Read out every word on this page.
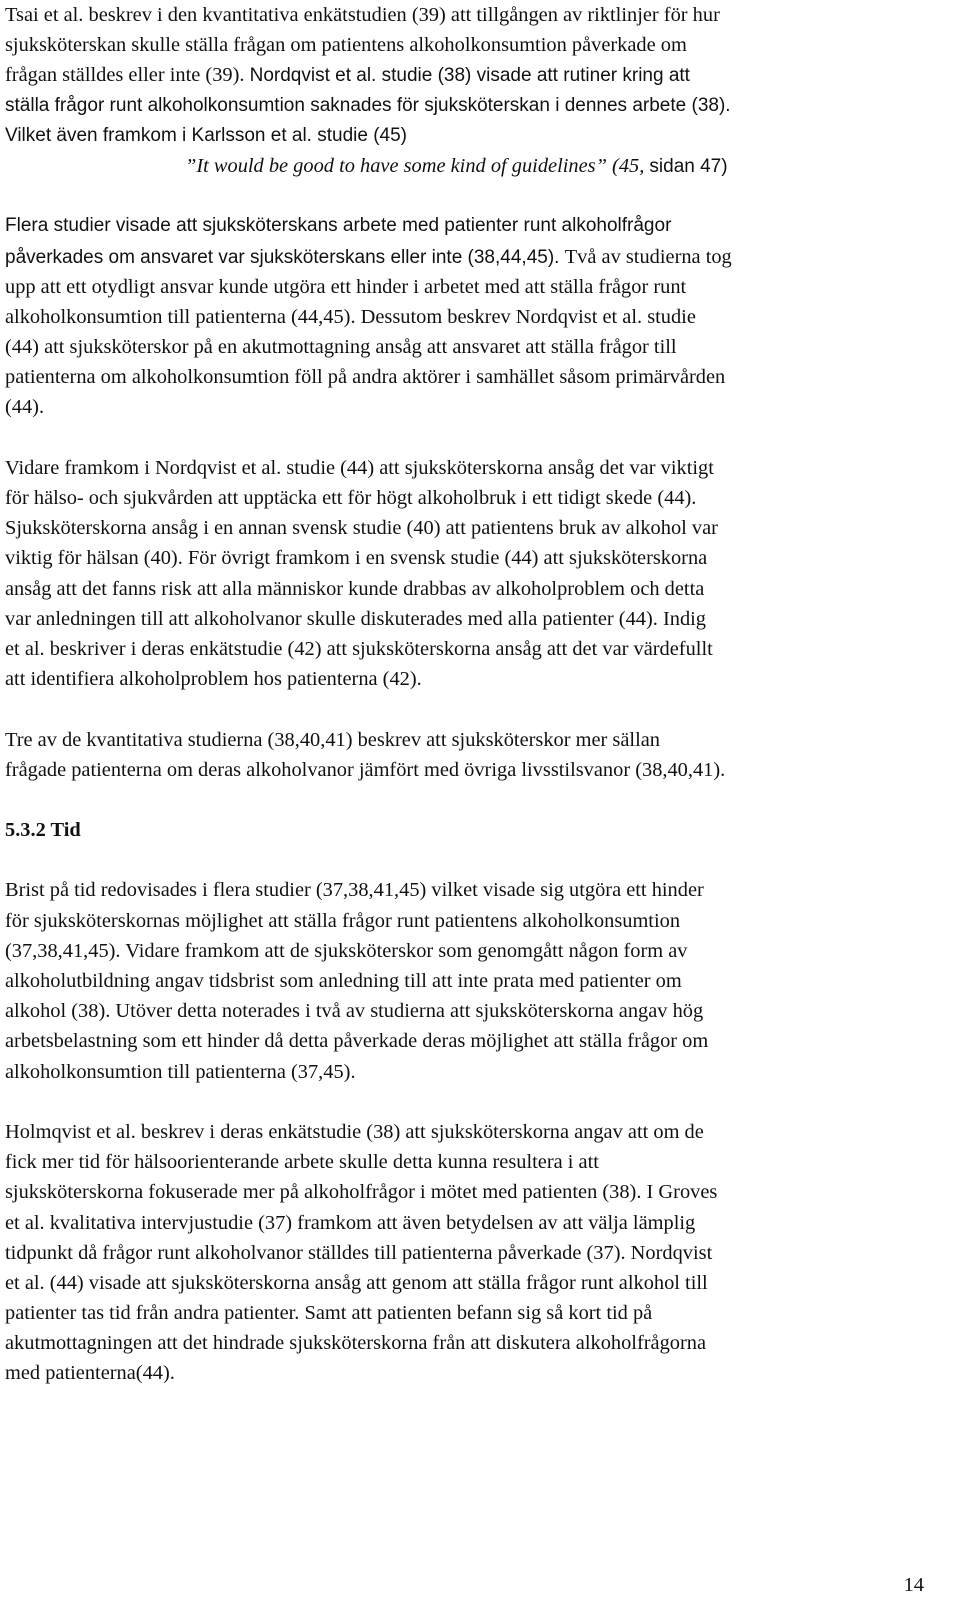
Tsai et al. beskrev i den kvantitativa enkätstudien (39) att tillgången av riktlinjer för hur
sjuksköterskan skulle ställa frågan om patientens alkoholkonsumtion påverkade om
frågan ställdes eller inte (39). Nordqvist et al. studie (38) visade att rutiner kring att
ställa frågor runt alkoholkonsumtion saknades för sjuksköterskan i dennes arbete (38).
Vilket även framkom i Karlsson et al. studie (45)
”It would be good to have some kind of guidelines” (45, sidan 47)
Flera studier visade att sjuksköterskans arbete med patienter runt alkoholfrågor
påverkades om ansvaret var sjuksköterskans eller inte (38,44,45). Två av studierna tog
upp att ett otydligt ansvar kunde utgöra ett hinder i arbetet med att ställa frågor runt
alkoholkonsumtion till patienterna (44,45). Dessutom beskrev Nordqvist et al. studie
(44) att sjuksköterskor på en akutmottagning ansåg att ansvaret att ställa frågor till
patienterna om alkoholkonsumtion föll på andra aktörer i samhället såsom primärvården
(44).
Vidare framkom i Nordqvist et al. studie (44) att sjuksköterskorna ansåg det var viktigt
för hälso- och sjukvården att upptäcka ett för högt alkoholbruk i ett tidigt skede (44).
Sjuksköterskorna ansåg i en annan svensk studie (40) att patientens bruk av alkohol var
viktig för hälsan (40). För övrigt framkom i en svensk studie (44) att sjuksköterskorna
ansåg att det fanns risk att alla människor kunde drabbas av alkoholproblem och detta
var anledningen till att alkoholvanor skulle diskuterades med alla patienter (44). Indig
et al. beskriver i deras enkätstudie (42) att sjuksköterskorna ansåg att det var värdefullt
att identifiera alkoholproblem hos patienterna (42).
Tre av de kvantitativa studierna (38,40,41) beskrev att sjuksköterskor mer sällan
frågade patienterna om deras alkoholvanor jämfört med övriga livsstilsvanor (38,40,41).
5.3.2 Tid
Brist på tid redovisades i flera studier (37,38,41,45) vilket visade sig utgöra ett hinder
för sjuksköterskornas möjlighet att ställa frågor runt patientens alkoholkonsumtion
(37,38,41,45). Vidare framkom att de sjuksköterskor som genomgått någon form av
alkoholutbildning angav tidsbrist som anledning till att inte prata med patienter om
alkohol (38). Utöver detta noterades i två av studierna att sjuksköterskorna angav hög
arbetsbelastning som ett hinder då detta påverkade deras möjlighet att ställa frågor om
alkoholkonsumtion till patienterna (37,45).
Holmqvist et al. beskrev i deras enkätstudie (38) att sjuksköterskorna angav att om de
fick mer tid för hälsoorienterande arbete skulle detta kunna resultera i att
sjuksköterskorna fokuserade mer på alkoholfrågor i mötet med patienten (38). I Groves
et al. kvalitativa intervjustudie (37) framkom att även betydelsen av att välja lämplig
tidpunkt då frågor runt alkoholvanor ställdes till patienterna påverkade (37). Nordqvist
et al. (44) visade att sjuksköterskorna ansåg att genom att ställa frågor runt alkohol till
patienter tas tid från andra patienter. Samt att patienten befann sig så kort tid på
akutmottagningen att det hindrade sjuksköterskorna från att diskutera alkoholfrågorna
med patienterna(44).
14
